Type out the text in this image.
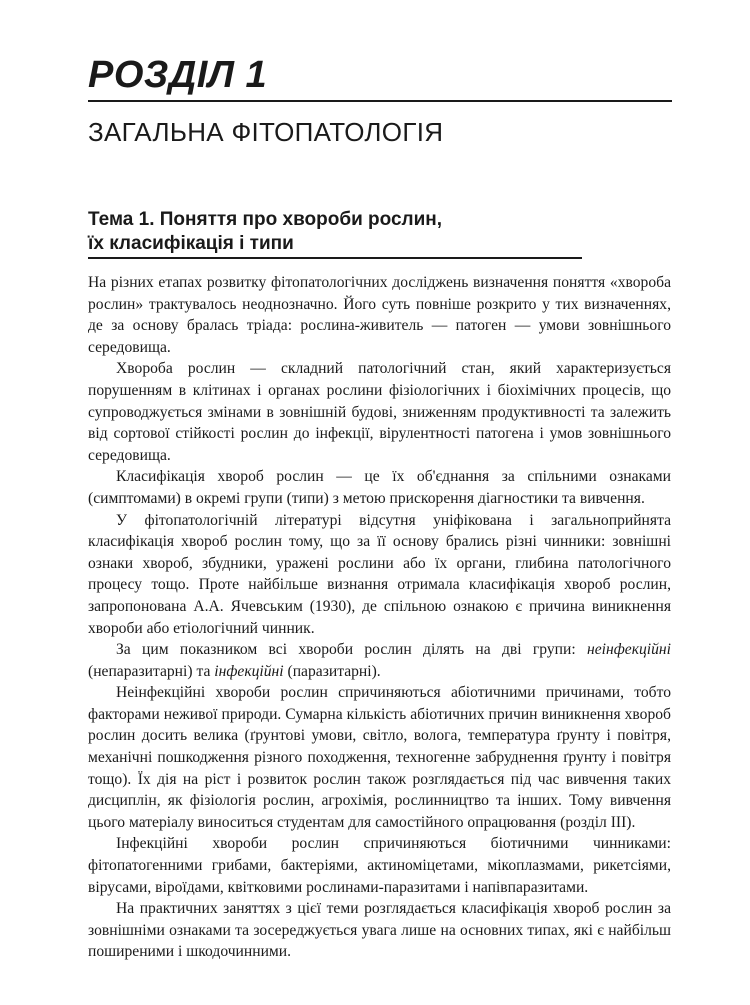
РОЗДІЛ 1
ЗАГАЛЬНА ФІТОПАТОЛОГІЯ
Тема 1. Поняття про хвороби рослин,
їх класифікація і типи

На різних етапах розвитку фітопатологічних досліджень визначення поняття «хвороба рослин» трактувалось неоднозначно. Його суть повніше розкрито у тих визначеннях, де за основу бралась тріада: рослина-живитель — патоген — умови зовнішнього середовища.

Хвороба рослин — складний патологічний стан, який характеризується порушенням в клітинах і органах рослини фізіологічних і біохімічних процесів, що супроводжується змінами в зовнішній будові, зниженням продуктивності та залежить від сортової стійкості рослин до інфекції, вірулентності патогена і умов зовнішнього середовища.

Класифікація хвороб рослин — це їх об'єднання за спільними ознаками (симптомами) в окремі групи (типи) з метою прискорення діагностики та вивчення.

У фітопатологічній літературі відсутня уніфікована і загальноприйнята класифікація хвороб рослин тому, що за її основу брались різні чинники: зовнішні ознаки хвороб, збудники, уражені рослини або їх органи, глибина патологічного процесу тощо. Проте найбільше визнання отримала класифікація хвороб рослин, запропонована А.А. Ячевським (1930), де спільною ознакою є причина виникнення хвороби або етіологічний чинник.

За цим показником всі хвороби рослин ділять на дві групи: неінфекційні (непаразитарні) та інфекційні (паразитарні).

Неінфекційні хвороби рослин спричиняються абіотичними причинами, тобто факторами неживої природи. Сумарна кількість абіотичних причин виникнення хвороб рослин досить велика (ґрунтові умови, світло, волога, температура ґрунту і повітря, механічні пошкодження різного походження, техногенне забруднення ґрунту і повітря тощо). Їх дія на ріст і розвиток рослин також розглядається під час вивчення таких дисциплін, як фізіологія рослин, агрохімія, рослинництво та інших. Тому вивчення цього матеріалу виноситься студентам для самостійного опрацювання (розділ III).

Інфекційні хвороби рослин спричиняються біотичними чинниками: фітопатогенними грибами, бактеріями, актиноміцетами, мікоплазмами, рикетсіями, вірусами, віроїдами, квітковими рослинами-паразитами і напівпаразитами.

На практичних заняттях з цієї теми розглядається класифікація хвороб рослин за зовнішніми ознаками та зосереджується увага лише на основних типах, які є найбільш поширеними і шкодочинними.
